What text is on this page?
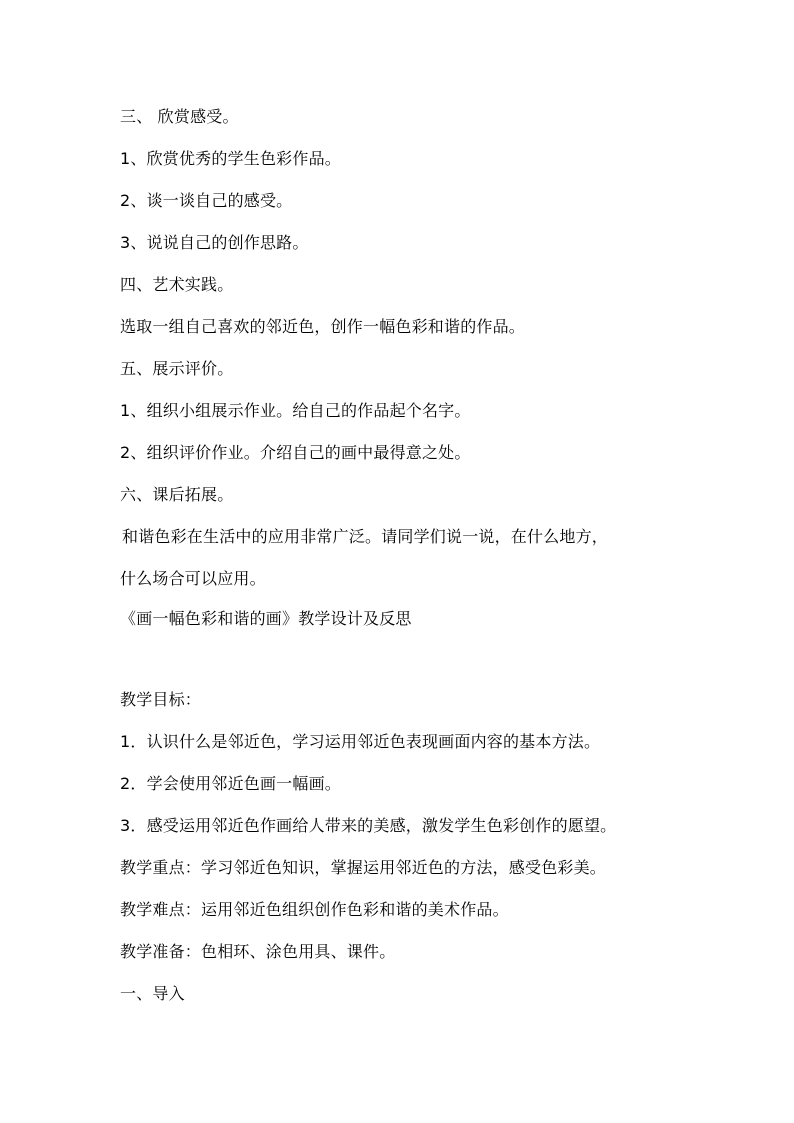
三、 欣赏感受。
1、欣赏优秀的学生色彩作品。
2、谈一谈自己的感受。
3、说说自己的创作思路。
四、艺术实践。
选取一组自己喜欢的邻近色，创作一幅色彩和谐的作品。
五、展示评价。
1、组织小组展示作业。给自己的作品起个名字。
2、组织评价作业。介绍自己的画中最得意之处。
六、课后拓展。
和谐色彩在生活中的应用非常广泛。请同学们说一说，在什么地方，
什么场合可以应用。
《画一幅色彩和谐的画》教学设计及反思
教学目标：
1．认识什么是邻近色，学习运用邻近色表现画面内容的基本方法。
2．学会使用邻近色画一幅画。
3．感受运用邻近色作画给人带来的美感，激发学生色彩创作的愿望。
教学重点：学习邻近色知识，掌握运用邻近色的方法，感受色彩美。
教学难点：运用邻近色组织创作色彩和谐的美术作品。
教学准备：色相环、涂色用具、课件。
一、导入
